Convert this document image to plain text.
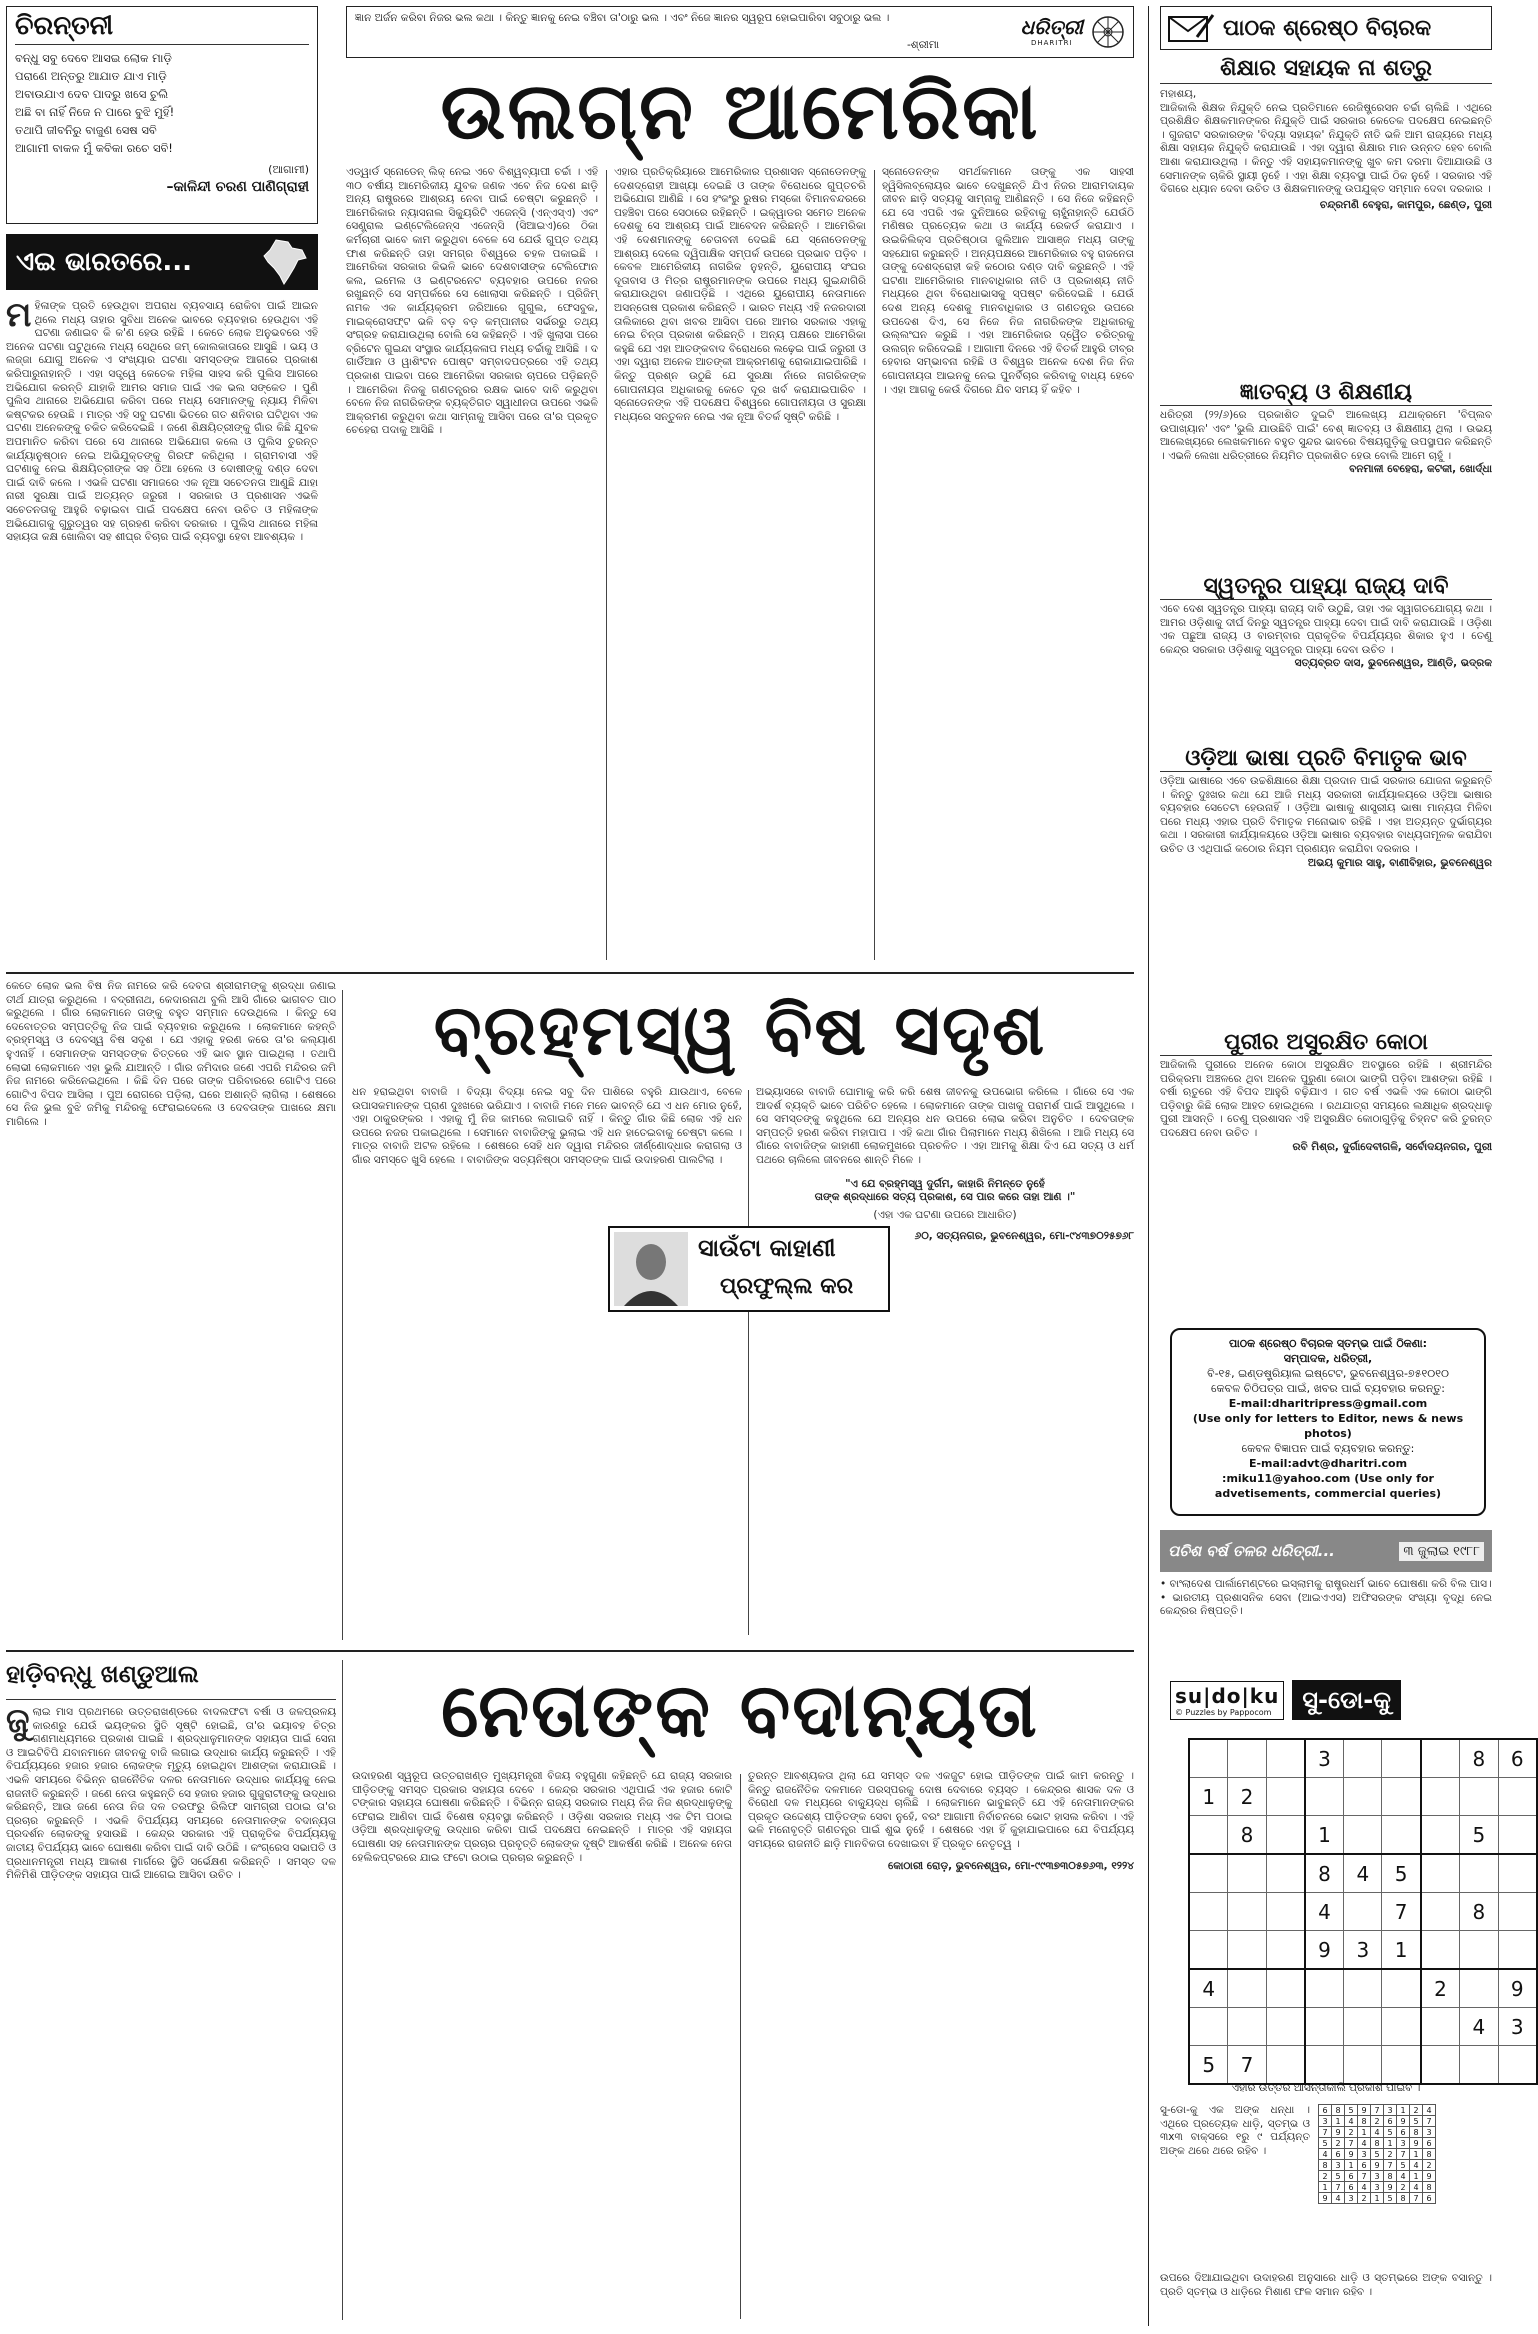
ଚିରନ୍ତନୀ
ବନ୍ଧୁ ସବୁ ଦେବେ ଆସଇ ଲୋକ ମାଡ଼ି
ପରାଣେ ଅନ୍ତରୁ ଆଯାତ ଯାଏ ମାଡ଼ି
ଅବାଉଯାଏ ଦେବ ପାଦରୁ ଖସେ ଚୁଲି
ଅଛି ବା ନାହିଁ ନିଜେ ନ ପାରେ ବୁଝି ମୁହିଁ!
ତଥାପି ଜୀବନିରୁ ବାଜୁଣ ସେଷ ସବି
ଆଗାମୀ ବାକଳ ମୁଁ କବିକା ରଚେ ସବି!
(ଆଗାମୀ)
–କାଳିନ୍ଦୀ ଚରଣ ପାଣିଗ୍ରାହୀ
ଏଇ ଭାରତରେ...
ମ ହିଳାଙ୍କ ପ୍ରତି ହେଉଥିବା ଅପରାଧ ବ୍ୟବସାୟ ରୋକିବା ପାଇଁ ଆଇନ ଥିଲେ ମଧ୍ୟ ତାହାର ସୁବିଧା ଅନେକ ଭାବରେ ବ୍ୟବହାର ହେଉଥିବା ଏହି ଘଟଣା ଜଣାଇବ କି କ'ଣ ହେଉ ରହିଛି । କେତେ ଲୋକ ଅନୁଭବରେ ଏହି ଅନେକ ଘଟଣା ଘଟୁଥିଲେ ମଧ୍ୟ ସେଥିରେ ଜମ୍ କୋଲକାତାରେ ଆସୁଛି । ଭୟ ଓ ଲଜ୍ଜା ଯୋଗୁ ଅନେକ ଏ ସଂଖ୍ୟାର ଘଟଣା ସମସ୍ତଙ୍କ ଆଗରେ ପ୍ରକାଶ କରିପାରୁନାହାନ୍ତି । ଏହା ସତ୍ତ୍ୱେ କେତେକ ମହିଳା ସାହସ କରି ପୁଲିସ ଆଗରେ ଅଭିଯୋଗ କରନ୍ତି ଯାହାକି ଆମର ସମାଜ ପାଇଁ ଏକ ଭଲ ସଙ୍କେତ । ପୁଣି ପୁଲିସ ଥାନାରେ ଅଭିଯୋଗ କରିବା ପରେ ମଧ୍ୟ ସେମାନଙ୍କୁ ନ୍ୟାୟ ମିଳିବା କଷ୍ଟକର ହେଉଛି । ମାତ୍ର ଏହି ସବୁ ଘଟଣା ଭିତରେ ଗତ ଶନିବାର ଘଟିଥିବା ଏକ ଘଟଣା ଅନେକଙ୍କୁ ଚକିତ କରିଦେଇଛି । ଜଣେ ଶିକ୍ଷୟିତ୍ରୀଙ୍କୁ ଗାଁର କିଛି ଯୁବକ ଅପମାନିତ କରିବା ପରେ ସେ ଥାନାରେ ଅଭିଯୋଗ କଲେ ଓ ପୁଲିସ ତୁରନ୍ତ କାର୍ଯ୍ୟାନୁଷ୍ଠାନ ନେଇ ଅଭିଯୁକ୍ତଙ୍କୁ ଗିରଫ କରିଥିଲା । ଗ୍ରାମବାସୀ ଏହି ଘଟଣାକୁ ନେଇ ଶିକ୍ଷୟିତ୍ରୀଙ୍କ ସହ ଠିଆ ହେଲେ ଓ ଦୋଷୀଙ୍କୁ ଦଣ୍ଡ ଦେବା ପାଇଁ ଦାବି କଲେ । ଏଭଳି ଘଟଣା ସମାଜରେ ଏକ ନୂଆ ସଚେତନତା ଆଣୁଛି ଯାହା ନାରୀ ସୁରକ୍ଷା ପାଇଁ ଅତ୍ୟନ୍ତ ଜରୁରୀ । ସରକାର ଓ ପ୍ରଶାସନ ଏଭଳି ସଚେତନତାକୁ ଆହୁରି ବଢ଼ାଇବା ପାଇଁ ପଦକ୍ଷେପ ନେବା ଉଚିତ ଓ ମହିଳାଙ୍କ ଅଭିଯୋଗକୁ ଗୁରୁତ୍ୱର ସହ ଗ୍ରହଣ କରିବା ଦରକାର । ପୁଲିସ ଥାନାରେ ମହିଳା ସହାୟତା କକ୍ଷ ଖୋଲିବା ସହ ଶୀଘ୍ର ବିଚାର ପାଇଁ ବ୍ୟବସ୍ଥା ହେବା ଆବଶ୍ୟକ ।
ଜ୍ଞାନ ଅର୍ଜନ କରିବା ନିଜର ଭଲ କଥା । କିନ୍ତୁ ଜ୍ଞାନକୁ ନେଇ ବଞ୍ଚିବା ତା'ଠାରୁ ଭଲ । ଏବଂ ନିଜେ ଜ୍ଞାନର ସ୍ୱରୂପ ହୋଇପାରିବା ସବୁଠାରୁ ଭଲ ।
-ଶ୍ରୀମା
ଧରିତ୍ରୀ
DHARITRI
ଉଲଗ୍ନ ଆମେରିକା
ଏଡ୍‌ୱାର୍ଡ ସ୍ନୋଡେନ୍ ଲିକ୍ ନେଇ ଏବେ ବିଶ୍ୱବ୍ୟାପୀ ଚର୍ଚ୍ଚା । ଏହି ୩୦ ବର୍ଷୀୟ ଆମେରିକୀୟ ଯୁବକ ଜଣକ ଏବେ ନିଜ ଦେଶ ଛାଡ଼ି ଅନ୍ୟ ରାଷ୍ଟ୍ରରେ ଆଶ୍ରୟ ନେବା ପାଇଁ ଚେଷ୍ଟା କରୁଛନ୍ତି । ଆମେରିକାର ନ୍ୟାସନାଲ ସିକ୍ୟୁରିଟି ଏଜେନ୍ସି (ଏନ୍‌ଏସ୍‌ଏ) ଏବଂ ସେଣ୍ଟ୍ରାଲ ଇଣ୍ଟେଲିଜେନ୍ସ ଏଜେନ୍ସି (ସିଆଇଏ)ରେ ଠିକା କର୍ମଚାରୀ ଭାବେ କାମ କରୁଥିବା ବେଳେ ସେ ଯେଉଁ ଗୁପ୍ତ ତଥ୍ୟ ଫାଶ କରିଛନ୍ତି ତାହା ସମଗ୍ର ବିଶ୍ୱରେ ଚହଳ ପକାଇଛି । ଆମେରିକା ସରକାର କିଭଳି ଭାବେ ଦେଶବାସୀଙ୍କ ଟେଲିଫୋନ କଲ, ଇମେଲ ଓ ଇଣ୍ଟରନେଟ ବ୍ୟବହାର ଉପରେ ନଜର ରଖୁଛନ୍ତି ସେ ସମ୍ପର୍କରେ ସେ ଖୋଲାସା କରିଛନ୍ତି । ପ୍ରିଜିମ୍ ନାମକ ଏକ କାର୍ଯ୍ୟକ୍ରମ ଜରିଆରେ ଗୁଗୁଲ, ଫେସବୁକ, ମାଇକ୍ରୋସଫ୍ଟ ଭଳି ବଡ଼ ବଡ଼ କମ୍ପାନୀର ସର୍ଭରରୁ ତଥ୍ୟ ସଂଗ୍ରହ କରାଯାଉଥିଲା ବୋଲି ସେ କହିଛନ୍ତି । ଏହି ଖୁଲାସା ପରେ ବ୍ରିଟେନ ଗୁଇନ୍ଦା ସଂସ୍ଥାର କାର୍ଯ୍ୟକଳାପ ମଧ୍ୟ ଚର୍ଚ୍ଚାକୁ ଆସିଛି । ଦ ଗାର୍ଡିଆନ ଓ ୱାଶିଂଟନ ପୋଷ୍ଟ ସମ୍ବାଦପତ୍ରରେ ଏହି ତଥ୍ୟ ପ୍ରକାଶ ପାଇବା ପରେ ଆମେରିକା ସରକାର ଚାପରେ ପଡ଼ିଛନ୍ତି । ଆମେରିକା ନିଜକୁ ଗଣତନ୍ତ୍ରର ରକ୍ଷକ ଭାବେ ଦାବି କରୁଥିବା ବେଳେ ନିଜ ନାଗରିକଙ୍କ ବ୍ୟକ୍ତିଗତ ସ୍ୱାଧୀନତା ଉପରେ ଏଭଳି ଆକ୍ରମଣ କରୁଥିବା କଥା ସାମ୍ନାକୁ ଆସିବା ପରେ ତା'ର ପ୍ରକୃତ ଚେହେରା ପଦାକୁ ଆସିଛି ।
ଏହାର ପ୍ରତିକ୍ରିୟାରେ ଆମେରିକାର ପ୍ରଶାସନ ସ୍ନୋଡେନଙ୍କୁ ଦେଶଦ୍ରୋହୀ ଆଖ୍ୟା ଦେଇଛି ଓ ତାଙ୍କ ବିରୋଧରେ ଗୁପ୍ତଚରି ଅଭିଯୋଗ ଆଣିଛି । ସେ ହଂକଂରୁ ରୁଷର ମସ୍କୋ ବିମାନବନ୍ଦରରେ ପହଞ୍ଚିବା ପରେ ସେଠାରେ ରହିଛନ୍ତି । ଇକ୍ୱାଡର ସମେତ ଅନେକ ଦେଶକୁ ସେ ଆଶ୍ରୟ ପାଇଁ ଆବେଦନ କରିଛନ୍ତି । ଆମେରିକା ଏହି ଦେଶମାନଙ୍କୁ ଚେତାବନୀ ଦେଇଛି ଯେ ସ୍ନୋଡେନଙ୍କୁ ଆଶ୍ରୟ ଦେଲେ ଦ୍ୱିପାକ୍ଷିକ ସମ୍ପର୍କ ଉପରେ ପ୍ରଭାବ ପଡ଼ିବ । କେବଳ ଆମେରିକୀୟ ନାଗରିକ ନୁହନ୍ତି, ୟୁରୋପୀୟ ସଂଘର ଦୂତାବାସ ଓ ମିତ୍ର ରାଷ୍ଟ୍ରମାନଙ୍କ ଉପରେ ମଧ୍ୟ ଗୁଇନ୍ଦାଗିରି କରାଯାଉଥିବା ଜଣାପଡ଼ିଛି । ଏଥିରେ ୟୁରୋପୀୟ ନେତାମାନେ ଅସନ୍ତୋଷ ପ୍ରକାଶ କରିଛନ୍ତି । ଭାରତ ମଧ୍ୟ ଏହି ନଜରଦାରୀ ତାଲିକାରେ ଥିବା ଖବର ଆସିବା ପରେ ଆମର ସରକାର ଏହାକୁ ନେଇ ଚିନ୍ତା ପ୍ରକାଶ କରିଛନ୍ତି । ଅନ୍ୟ ପକ୍ଷରେ ଆମେରିକା କହୁଛି ଯେ ଏହା ଆତଙ୍କବାଦ ବିରୋଧରେ ଲଢ଼େଇ ପାଇଁ ଜରୁରୀ ଓ ଏହା ଦ୍ୱାରା ଅନେକ ଆତଙ୍କୀ ଆକ୍ରମଣକୁ ରୋକାଯାଇପାରିଛି । କିନ୍ତୁ ପ୍ରଶ୍ନ ଉଠୁଛି ଯେ ସୁରକ୍ଷା ନାଁରେ ନାଗରିକଙ୍କ ଗୋପନୀୟତା ଅଧିକାରକୁ କେତେ ଦୂର ଖର୍ବ କରାଯାଇପାରିବ । ସ୍ନୋଡେନଙ୍କ ଏହି ପଦକ୍ଷେପ ବିଶ୍ୱରେ ଗୋପନୀୟତା ଓ ସୁରକ୍ଷା ମଧ୍ୟରେ ସନ୍ତୁଳନ ନେଇ ଏକ ନୂଆ ବିତର୍କ ସୃଷ୍ଟି କରିଛି ।
ସ୍ନୋଡେନଙ୍କ ସମର୍ଥକମାନେ ତାଙ୍କୁ ଏକ ସାହସୀ ହ୍ୱିସିଲବ୍ଲୋୟର ଭାବେ ଦେଖୁଛନ୍ତି ଯିଏ ନିଜର ଆରାମଦାୟକ ଜୀବନ ଛାଡ଼ି ସତ୍ୟକୁ ସାମ୍ନାକୁ ଆଣିଛନ୍ତି । ସେ ନିଜେ କହିଛନ୍ତି ଯେ ସେ ଏପରି ଏକ ଦୁନିଆରେ ରହିବାକୁ ଚାହୁଁନାହାନ୍ତି ଯେଉଁଠି ମଣିଷର ପ୍ରତ୍ୟେକ କଥା ଓ କାର୍ଯ୍ୟ ରେକର୍ଡ କରାଯାଏ । ଉଇକିଲିକ୍ସ ପ୍ରତିଷ୍ଠାତା ଜୁଲିଆନ ଆସାଞ୍ଜ ମଧ୍ୟ ତାଙ୍କୁ ସହଯୋଗ କରୁଛନ୍ତି । ଅନ୍ୟପକ୍ଷରେ ଆମେରିକାର ବହୁ ରାଜନେତା ତାଙ୍କୁ ଦେଶଦ୍ରୋହୀ କହି କଠୋର ଦଣ୍ଡ ଦାବି କରୁଛନ୍ତି । ଏହି ଘଟଣା ଆମେରିକାର ମାନବାଧିକାର ନୀତି ଓ ପ୍ରକାଶ୍ୟ ନୀତି ମଧ୍ୟରେ ଥିବା ବିରୋଧାଭାସକୁ ସ୍ପଷ୍ଟ କରିଦେଇଛି । ଯେଉଁ ଦେଶ ଅନ୍ୟ ଦେଶକୁ ମାନବାଧିକାର ଓ ଗଣତନ୍ତ୍ର ଉପରେ ଉପଦେଶ ଦିଏ, ସେ ନିଜେ ନିଜ ନାଗରିକଙ୍କ ଅଧିକାରକୁ ଉଲ୍ଲଂଘନ କରୁଛି । ଏହା ଆମେରିକାର ଦ୍ୱୈତ ଚରିତ୍ରକୁ ଉଲଗ୍ନ କରିଦେଇଛି । ଆଗାମୀ ଦିନରେ ଏହି ବିତର୍କ ଆହୁରି ତୀବ୍ର ହେବାର ସମ୍ଭାବନା ରହିଛି ଓ ବିଶ୍ୱର ଅନେକ ଦେଶ ନିଜ ନିଜ ଗୋପନୀୟତା ଆଇନକୁ ନେଇ ପୁନର୍ବିଚାର କରିବାକୁ ବାଧ୍ୟ ହେବେ । ଏହା ଆଗକୁ କେଉଁ ଦିଗରେ ଯିବ ସମୟ ହିଁ କହିବ ।
ପାଠକ ଶ୍ରେଷ୍ଠ ବିଚାରକ
ଶିକ୍ଷାର ସହାୟକ ନା ଶତ୍ରୁ
ମହାଶୟ,
ଆଜିକାଲି ଶିକ୍ଷକ ନିଯୁକ୍ତି ନେଇ ପ୍ରତିମାନେ ରେଜିଷ୍ଟ୍ରେସନ ଚର୍ଚ୍ଚା ଚାଲିଛି । ଏଥିରେ ପ୍ରଶିକ୍ଷିତ ଶିକ୍ଷକମାନଙ୍କର ନିଯୁକ୍ତି ପାଇଁ ସରକାର କେତେକ ପଦକ୍ଷେପ ନେଇଛନ୍ତି । ଗୁଜରାଟ ସରକାରଙ୍କ 'ବିଦ୍ୟା ସହାୟକ' ନିଯୁକ୍ତି ନୀତି ଭଳି ଆମ ରାଜ୍ୟରେ ମଧ୍ୟ ଶିକ୍ଷା ସହାୟକ ନିଯୁକ୍ତି କରାଯାଉଛି । ଏହା ଦ୍ୱାରା ଶିକ୍ଷାର ମାନ ଉନ୍ନତ ହେବ ବୋଲି ଆଶା କରାଯାଉଥିଲା । କିନ୍ତୁ ଏହି ସହାୟକମାନଙ୍କୁ ଖୁବ କମ ଦରମା ଦିଆଯାଉଛି ଓ ସେମାନଙ୍କ ଚାକିରି ସ୍ଥାୟୀ ନୁହେଁ । ଏହା ଶିକ୍ଷା ବ୍ୟବସ୍ଥା ପାଇଁ ଠିକ ନୁହେଁ । ସରକାର ଏହି ଦିଗରେ ଧ୍ୟାନ ଦେବା ଉଚିତ ଓ ଶିକ୍ଷକମାନଙ୍କୁ ଉପଯୁକ୍ତ ସମ୍ମାନ ଦେବା ଦରକାର ।
ଚନ୍ଦ୍ରମଣି ବେହୁରା, କାମପୁର, ଛେଣ୍ଡ, ପୁରୀ
ଜ୍ଞାତବ୍ୟ ଓ ଶିକ୍ଷଣୀୟ
ଧରିତ୍ରୀ (୨୨/୬)ରେ ପ୍ରକାଶିତ ଦୁଇଟି ଆଲେଖ୍ୟ ଯଥାକ୍ରମେ 'ବିପ୍ଲବ ଉପାଖ୍ୟାନ' ଏବଂ 'ଭୁଲି ଯାଉଛିବି ପାଇଁ' ବେଶ୍ ଜ୍ଞାତବ୍ୟ ଓ ଶିକ୍ଷଣୀୟ ଥିଲା । ଉଭୟ ଆଲେଖ୍ୟରେ ଲେଖକମାନେ ବହୁତ ସୁନ୍ଦର ଭାବରେ ବିଷୟଗୁଡ଼ିକୁ ଉପସ୍ଥାପନ କରିଛନ୍ତି । ଏଭଳି ଲେଖା ଧରିତ୍ରୀରେ ନିୟମିତ ପ୍ରକାଶିତ ହେଉ ବୋଲି ଆମେ ଚାହୁଁ ।
ବନମାଳୀ ବେହେରା, କଟକୀ, ଖୋର୍ଦ୍ଧା
ସ୍ୱତନ୍ତ୍ର ପାହ୍ୟା ରାଜ୍ୟ ଦାବି
ଏବେ ଦେଶ ସ୍ୱତନ୍ତ୍ର ପାହ୍ୟା ରାଜ୍ୟ ଦାବି ଉଠୁଛି, ତାହା ଏକ ସ୍ୱାଗତଯୋଗ୍ୟ କଥା । ଆମର ଓଡ଼ିଶାକୁ ଦୀର୍ଘ ଦିନରୁ ସ୍ୱତନ୍ତ୍ର ପାହ୍ୟା ଦେବା ପାଇଁ ଦାବି କରାଯାଉଛି । ଓଡ଼ିଶା ଏକ ପଛୁଆ ରାଜ୍ୟ ଓ ବାରମ୍ବାର ପ୍ରାକୃତିକ ବିପର୍ଯ୍ୟୟର ଶିକାର ହୁଏ । ତେଣୁ କେନ୍ଦ୍ର ସରକାର ଓଡ଼ିଶାକୁ ସ୍ୱତନ୍ତ୍ର ପାହ୍ୟା ଦେବା ଉଚିତ ।
ସତ୍ୟବ୍ରତ ଦାସ, ଭୁବନେଶ୍ୱର, ଆଣ୍ଡି, ଭଦ୍ରକ
ଓଡ଼ିଆ ଭାଷା ପ୍ରତି ବିମାତୃକ ଭାବ
ଓଡ଼ିଆ ଭାଷାରେ ଏବେ ଉଚ୍ଚଶିକ୍ଷାରେ ଶିକ୍ଷା ପ୍ରଦାନ ପାଇଁ ସରକାର ଯୋଜନା କରୁଛନ୍ତି । କିନ୍ତୁ ଦୁଃଖର କଥା ଯେ ଆଜି ମଧ୍ୟ ସରକାରୀ କାର୍ଯ୍ୟାଳୟରେ ଓଡ଼ିଆ ଭାଷାର ବ୍ୟବହାର ସେତେଟା ହେଉନାହିଁ । ଓଡ଼ିଆ ଭାଷାକୁ ଶାସ୍ତ୍ରୀୟ ଭାଷା ମାନ୍ୟତା ମିଳିବା ପରେ ମଧ୍ୟ ଏହାର ପ୍ରତି ବିମାତୃକ ମନୋଭାବ ରହିଛି । ଏହା ଅତ୍ୟନ୍ତ ଦୁର୍ଭାଗ୍ୟର କଥା । ସରକାରୀ କାର୍ଯ୍ୟାଳୟରେ ଓଡ଼ିଆ ଭାଷାର ବ୍ୟବହାର ବାଧ୍ୟତାମୂଳକ କରାଯିବା ଉଚିତ ଓ ଏଥିପାଇଁ କଠୋର ନିୟମ ପ୍ରଣୟନ କରାଯିବା ଦରକାର ।
ଅଭୟ କୁମାର ସାହୁ, ବାଣୀବିହାର, ଭୁବନେଶ୍ୱର
ପୁରୀର ଅସୁରକ୍ଷିତ କୋଠା
ଆଜିକାଲି ପୁରୀରେ ଅନେକ କୋଠା ଅସୁରକ୍ଷିତ ଅବସ୍ଥାରେ ରହିଛି । ଶ୍ରୀମନ୍ଦିର ପରିକ୍ରମା ଅଞ୍ଚଳରେ ଥିବା ଅନେକ ପୁରୁଣା କୋଠା ଭାଙ୍ଗି ପଡ଼ିବା ଆଶଙ୍କା ରହିଛି । ବର୍ଷା ଋତୁରେ ଏହି ବିପଦ ଆହୁରି ବଢ଼ିଯାଏ । ଗତ ବର୍ଷ ଏଭଳି ଏକ କୋଠା ଭାଙ୍ଗି ପଡ଼ିବାରୁ କିଛି ଲୋକ ଆହତ ହୋଇଥିଲେ । ରଥଯାତ୍ରା ସମୟରେ ଲକ୍ଷାଧିକ ଶ୍ରଦ୍ଧାଳୁ ପୁରୀ ଆସନ୍ତି । ତେଣୁ ପ୍ରଶାସନ ଏହି ଅସୁରକ୍ଷିତ କୋଠାଗୁଡ଼ିକୁ ଚିହ୍ନଟ କରି ତୁରନ୍ତ ପଦକ୍ଷେପ ନେବା ଉଚିତ ।
ରବି ମିଶ୍ର, ଦୁର୍ଗାଦେବୀଗଳି, ସର୍ବୋଦୟନଗର, ପୁରୀ
ପାଠକ ଶ୍ରେଷ୍ଠ ବିଚାରକ ସ୍ତମ୍ଭ ପାଇଁ ଠିକଣା:
ସମ୍ପାଦକ, ଧରିତ୍ରୀ,
ବି-୧୫, ଇଣ୍ଡଷ୍ଟ୍ରିୟାଲ ଇଷ୍ଟେଟ, ଭୁବନେଶ୍ୱର-୭୫୧୦୧୦
କେବଳ ଚିଠିପତ୍ର ପାଇଁ, ଖବର ପାଇଁ ବ୍ୟବହାର କରନ୍ତୁ:
E-mail:dharitripress@gmail.com
(Use only for letters to Editor, news & news photos)
କେବଳ ବିଜ୍ଞାପନ ପାଇଁ ବ୍ୟବହାର କରନ୍ତୁ:
E-mail:advt@dharitri.com
:miku11@yahoo.com (Use only for
advetisements, commercial queries)
ପଚିଶ ବର୍ଷ ତଳର ଧରିତ୍ରୀ...	୩ ଜୁଲାଇ ୧୯୮୮
• ବାଂଲାଦେଶ ପାର୍ଲାମେଣ୍ଟରେ ଇସ୍‌ଲାମକୁ ରାଷ୍ଟ୍ରଧର୍ମ ଭାବେ ଘୋଷଣା କରି ବିଲ ପାସ।
• ଭାରତୀୟ ପ୍ରଶାସନିକ ସେବା (ଆଇଏଏସ) ଅଫିସରଙ୍କ ସଂଖ୍ୟା ବୃଦ୍ଧି ନେଇ କେନ୍ଦ୍ରର ନିଷ୍ପତ୍ତି।
କେତେ ଲୋକ ଭଲ ବିଷ ନିଜ ନାମରେ କରି ଦେବତା ଶ୍ରୀରାମଙ୍କୁ ଶ୍ରଦ୍ଧା ଜଣାଇ ତୀର୍ଥ ଯାତ୍ରା କରୁଥିଲେ । ବଦ୍ରୀନାଥ, କେଦାରନାଥ ବୁଲି ଆସି ଗାଁରେ ଭାଗବତ ପାଠ କରୁଥିଲେ । ଗାଁର ଲୋକମାନେ ତାଙ୍କୁ ବହୁତ ସମ୍ମାନ ଦେଉଥିଲେ । କିନ୍ତୁ ସେ ଦେବୋତ୍ତର ସମ୍ପତ୍ତିକୁ ନିଜ ପାଇଁ ବ୍ୟବହାର କରୁଥିଲେ । ଲୋକମାନେ କହନ୍ତି ବ୍ରହ୍ମସ୍ୱ ଓ ଦେବସ୍ୱ ବିଷ ସଦୃଶ । ଯେ ଏହାକୁ ହରଣ କରେ ତା'ର କଲ୍ୟାଣ ହୁଏନାହିଁ । ସେମାନଙ୍କ ସମସ୍ତଙ୍କ ଚିତ୍ତରେ ଏହି ଭାବ ସ୍ଥାନ ପାଇଥିଲା । ତଥାପି ଲୋଭୀ ଲୋକମାନେ ଏହା ଭୁଲି ଯାଆନ୍ତି । ଗାଁର ଜମିଦାର ଜଣେ ଏପରି ମନ୍ଦିରର ଜମି ନିଜ ନାମରେ କରିନେଇଥିଲେ । କିଛି ଦିନ ପରେ ତାଙ୍କ ପରିବାରରେ ଗୋଟିଏ ପରେ ଗୋଟିଏ ବିପଦ ଆସିଲା । ପୁଅ ରୋଗରେ ପଡ଼ିଲା, ଘରେ ଅଶାନ୍ତି ଲାଗିଲା । ଶେଷରେ ସେ ନିଜ ଭୁଲ ବୁଝି ଜମିକୁ ମନ୍ଦିରକୁ ଫେରାଇଦେଲେ ଓ ଦେବତାଙ୍କ ପାଖରେ କ୍ଷମା ମାଗିଲେ ।
ବ୍ରହ୍ମସ୍ୱ ବିଷ ସଦୃଶ
ଧନ ହରାଇଥିବା ବାବାଜି । ବିଦ୍ୟା ବିଦ୍ୟା ନେଇ ସବୁ ଦିନ ପାଶିରେ ବହୁରି ଯାଉଥାଏ, ବେଳେ ଉପାସକମାନଙ୍କ ପ୍ରାଣ ଦୁଃଖରେ ଭରିଯାଏ । ବାବାଜି ମନେ ମନେ ଭାବନ୍ତି ଯେ ଏ ଧନ ମୋର ନୁହେଁ, ଏହା ଠାକୁରଙ୍କର । ଏହାକୁ ମୁଁ ନିଜ କାମରେ ଲଗାଇବି ନାହିଁ । କିନ୍ତୁ ଗାଁର କିଛି ଲୋକ ଏହି ଧନ ଉପରେ ନଜର ପକାଇଥିଲେ । ସେମାନେ ବାବାଜିଙ୍କୁ ଭୁଲାଇ ଏହି ଧନ ହାତେଇବାକୁ ଚେଷ୍ଟା କଲେ । ମାତ୍ର ବାବାଜି ଅଟଳ ରହିଲେ । ଶେଷରେ ସେହି ଧନ ଦ୍ୱାରା ମନ୍ଦିରର ଜୀର୍ଣ୍ଣୋଦ୍ଧାର କରାଗଲା ଓ ଗାଁର ସମସ୍ତେ ଖୁସି ହେଲେ । ବାବାଜିଙ୍କ ସତ୍ୟନିଷ୍ଠା ସମସ୍ତଙ୍କ ପାଇଁ ଉଦାହରଣ ପାଲଟିଲା ।
ଅଭ୍ୟାସରେ ବାବାଜି ଘୋମାକୁ କରି କରି ଶେଷ ଜୀବନକୁ ଉପଭୋଗ କରିଲେ । ଗାଁରେ ସେ ଏକ ଆଦର୍ଶ ବ୍ୟକ୍ତି ଭାବେ ପରିଚିତ ହେଲେ । ଲୋକମାନେ ତାଙ୍କ ପାଖକୁ ପରାମର୍ଶ ପାଇଁ ଆସୁଥିଲେ । ସେ ସମସ୍ତଙ୍କୁ କହୁଥିଲେ ଯେ ଅନ୍ୟର ଧନ ଉପରେ ଲୋଭ କରିବା ଅନୁଚିତ । ଦେବତାଙ୍କ ସମ୍ପତ୍ତି ହରଣ କରିବା ମହାପାପ । ଏହି କଥା ଗାଁର ପିଲାମାନେ ମଧ୍ୟ ଶିଖିଲେ । ଆଜି ମଧ୍ୟ ସେ ଗାଁରେ ବାବାଜିଙ୍କ କାହାଣୀ ଲୋକମୁଖରେ ପ୍ରଚଳିତ । ଏହା ଆମକୁ ଶିକ୍ଷା ଦିଏ ଯେ ସତ୍ୟ ଓ ଧର୍ମ ପଥରେ ଚାଲିଲେ ଜୀବନରେ ଶାନ୍ତି ମିଳେ ।
"ଏ ଯେ ବ୍ରହ୍ମସ୍ୱ ଦୁର୍ଗମ, କାହାରି ନିମନ୍ତେ ନୁହେଁ
ତାଙ୍କ ଶ୍ରଦ୍ଧାରେ ସତ୍ୟ ପ୍ରକାଶ, ସେ ପାର କରେ ତାହା ଆଣ ।"
(ଏହା ଏକ ଘଟଣା ଉପରେ ଆଧାରିତ)
୬୦, ସତ୍ୟନଗର, ଭୁବନେଶ୍ୱର, ମୋ-୯୪୩୭୦୨୫୭୬୮
ସାଉଁଟା କାହାଣୀ
ପ୍ରଫୁଲ୍ଲ କର
ହାଡ଼ିବନ୍ଧୁ ଖଣ୍ଡୁଆଲ
ଜୁ ଲାଇ ମାସ ପ୍ରଥମରେ ଉତ୍ତରାଖଣ୍ଡରେ ବାଦଲଫଟା ବର୍ଷା ଓ ଜଳପ୍ରଳୟ କାରଣରୁ ଯେଉଁ ଭୟଙ୍କର ସ୍ଥିତି ସୃଷ୍ଟି ହୋଇଛି, ତା'ର ଭୟାବହ ଚିତ୍ର ଗଣମାଧ୍ୟମରେ ପ୍ରକାଶ ପାଇଛି । ଶ୍ରଦ୍ଧାଳୁମାନଙ୍କ ସହାୟତା ପାଇଁ ସେନା ଓ ଆଇଟିବିପି ଯବାନମାନେ ଜୀବନକୁ ବାଜି ଲଗାଇ ଉଦ୍ଧାର କାର୍ଯ୍ୟ କରୁଛନ୍ତି । ଏହି ବିପର୍ଯ୍ୟୟରେ ହଜାର ହଜାର ଲୋକଙ୍କ ମୃତ୍ୟୁ ହୋଇଥିବା ଆଶଙ୍କା କରାଯାଉଛି । ଏଭଳି ସମୟରେ ବିଭିନ୍ନ ରାଜନୈତିକ ଦଳର ନେତାମାନେ ଉଦ୍ଧାର କାର୍ଯ୍ୟକୁ ନେଇ ରାଜନୀତି କରୁଛନ୍ତି । ଜଣେ ନେତା କହୁଛନ୍ତି ସେ ହଜାର ହଜାର ଗୁଜୁରାଟୀଙ୍କୁ ଉଦ୍ଧାର କରିଛନ୍ତି, ଆଉ ଜଣେ ନେତା ନିଜ ଦଳ ତରଫରୁ ରିଲିଫ ସାମଗ୍ରୀ ପଠାଇ ତା'ର ପ୍ରଚାର କରୁଛନ୍ତି । ଏଭଳି ବିପର୍ଯ୍ୟୟ ସମୟରେ ନେତାମାନଙ୍କ ବଦାନ୍ୟତା ପ୍ରଦର୍ଶନ ଲୋକଙ୍କୁ ହସାଉଛି । କେନ୍ଦ୍ର ସରକାର ଏହି ପ୍ରାକୃତିକ ବିପର୍ଯ୍ୟୟକୁ ଜାତୀୟ ବିପର୍ଯ୍ୟୟ ଭାବେ ଘୋଷଣା କରିବା ପାଇଁ ଦାବି ଉଠିଛି । କଂଗ୍ରେସ ସଭାପତି ଓ ପ୍ରଧାନମନ୍ତ୍ରୀ ମଧ୍ୟ ଆକାଶ ମାର୍ଗରେ ସ୍ଥିତି ସର୍ଭେକ୍ଷଣ କରିଛନ୍ତି । ସମସ୍ତ ଦଳ ମିଳିମିଶି ପୀଡ଼ିତଙ୍କ ସହାୟତା ପାଇଁ ଆଗେଇ ଆସିବା ଉଚିତ ।
ନେତାଙ୍କ ବଦାନ୍ୟତା
ଉଦାହରଣ ସ୍ୱରୂପ ଉତ୍ତରାଖଣ୍ଡ ମୁଖ୍ୟମନ୍ତ୍ରୀ ବିଜୟ ବହୁଗୁଣା କହିଛନ୍ତି ଯେ ରାଜ୍ୟ ସରକାର ପୀଡ଼ିତଙ୍କୁ ସମସ୍ତ ପ୍ରକାର ସହାୟତା ଦେବେ । କେନ୍ଦ୍ର ସରକାର ଏଥିପାଇଁ ଏକ ହଜାର କୋଟି ଟଙ୍କାର ସହାୟତା ଘୋଷଣା କରିଛନ୍ତି । ବିଭିନ୍ନ ରାଜ୍ୟ ସରକାର ମଧ୍ୟ ନିଜ ନିଜ ଶ୍ରଦ୍ଧାଳୁଙ୍କୁ ଫେରାଇ ଆଣିବା ପାଇଁ ବିଶେଷ ବ୍ୟବସ୍ଥା କରିଛନ୍ତି । ଓଡ଼ିଶା ସରକାର ମଧ୍ୟ ଏକ ଟିମ ପଠାଇ ଓଡ଼ିଆ ଶ୍ରଦ୍ଧାଳୁଙ୍କୁ ଉଦ୍ଧାର କରିବା ପାଇଁ ପଦକ୍ଷେପ ନେଇଛନ୍ତି । ମାତ୍ର ଏହି ସହାୟତା ଘୋଷଣା ସହ ନେତାମାନଙ୍କ ପ୍ରଚାର ପ୍ରବୃତ୍ତି ଲୋକଙ୍କ ଦୃଷ୍ଟି ଆକର୍ଷଣ କରିଛି । ଅନେକ ନେତା ହେଲିକପ୍ଟରରେ ଯାଇ ଫଟୋ ଉଠାଇ ପ୍ରଚାର କରୁଛନ୍ତି ।
ତୁରନ୍ତ ଆବଶ୍ୟକତା ଥିଲା ଯେ ସମସ୍ତ ଦଳ ଏକଜୁଟ ହୋଇ ପୀଡ଼ିତଙ୍କ ପାଇଁ କାମ କରନ୍ତୁ । କିନ୍ତୁ ରାଜନୈତିକ ଦଳମାନେ ପରସ୍ପରକୁ ଦୋଷ ଦେବାରେ ବ୍ୟସ୍ତ । କେନ୍ଦ୍ରର ଶାସକ ଦଳ ଓ ବିରୋଧୀ ଦଳ ମଧ୍ୟରେ ବାକ୍ୟୁଦ୍ଧ ଚାଲିଛି । ଲୋକମାନେ ଭାବୁଛନ୍ତି ଯେ ଏହି ନେତାମାନଙ୍କର ପ୍ରକୃତ ଉଦ୍ଦେଶ୍ୟ ପୀଡ଼ିତଙ୍କ ସେବା ନୁହେଁ, ବରଂ ଆଗାମୀ ନିର୍ବାଚନରେ ଭୋଟ ହାସଲ କରିବା । ଏହି ଭଳି ମନୋବୃତ୍ତି ଗଣତନ୍ତ୍ର ପାଇଁ ଶୁଭ ନୁହେଁ । ଶେଷରେ ଏହା ହିଁ କୁହାଯାଇପାରେ ଯେ ବିପର୍ଯ୍ୟୟ ସମୟରେ ରାଜନୀତି ଛାଡ଼ି ମାନବିକତା ଦେଖାଇବା ହିଁ ପ୍ରକୃତ ନେତୃତ୍ୱ ।
କୋଠାରୀ ରୋଡ଼, ଭୁବନେଶ୍ୱର, ମୋ-୯୯୩୭୩୦୫୭୬୩, ୧୨୨୪
su|do|ku
© Puzzles by Pappocom	ସୁ-ଡୋ-କୁ
			3				8	6
1	2							
	8		1				5	
			8	4	5			
			4		7		8	
			9	3	1			
4						2		9
							4	3
5	7							
ଏହାର ଉତ୍ତର ଆସନ୍ତାକାଲି ପ୍ରକାଶ ପାଇବ ।
ସୁ-ଡୋ-କୁ ଏକ ଅଙ୍କ ଧନ୍ଧା । ଏଥିରେ ପ୍ରତ୍ୟେକ ଧାଡ଼ି, ସ୍ତମ୍ଭ ଓ ୩x୩ ବାକ୍ସରେ ୧ରୁ ୯ ପର୍ଯ୍ୟନ୍ତ ଅଙ୍କ ଥରେ ଥରେ ରହିବ ।
6	8	5	9	7	3	1	2	4
3	1	4	8	2	6	9	5	7
7	9	2	1	4	5	6	8	3
5	2	7	4	8	1	3	9	6
4	6	9	3	5	2	7	1	8
8	3	1	6	9	7	5	4	2
2	5	6	7	3	8	4	1	9
1	7	6	4	3	9	2	4	8
9	4	3	2	1	5	8	7	6
ଉପରେ ଦିଆଯାଇଥିବା ଉଦାହରଣ ଅନୁସାରେ ଧାଡ଼ି ଓ ସ୍ତମ୍ଭରେ ଅଙ୍କ ବସାନ୍ତୁ । ପ୍ରତି ସ୍ତମ୍ଭ ଓ ଧାଡ଼ିରେ ମିଶାଣ ଫଳ ସମାନ ରହିବ ।
